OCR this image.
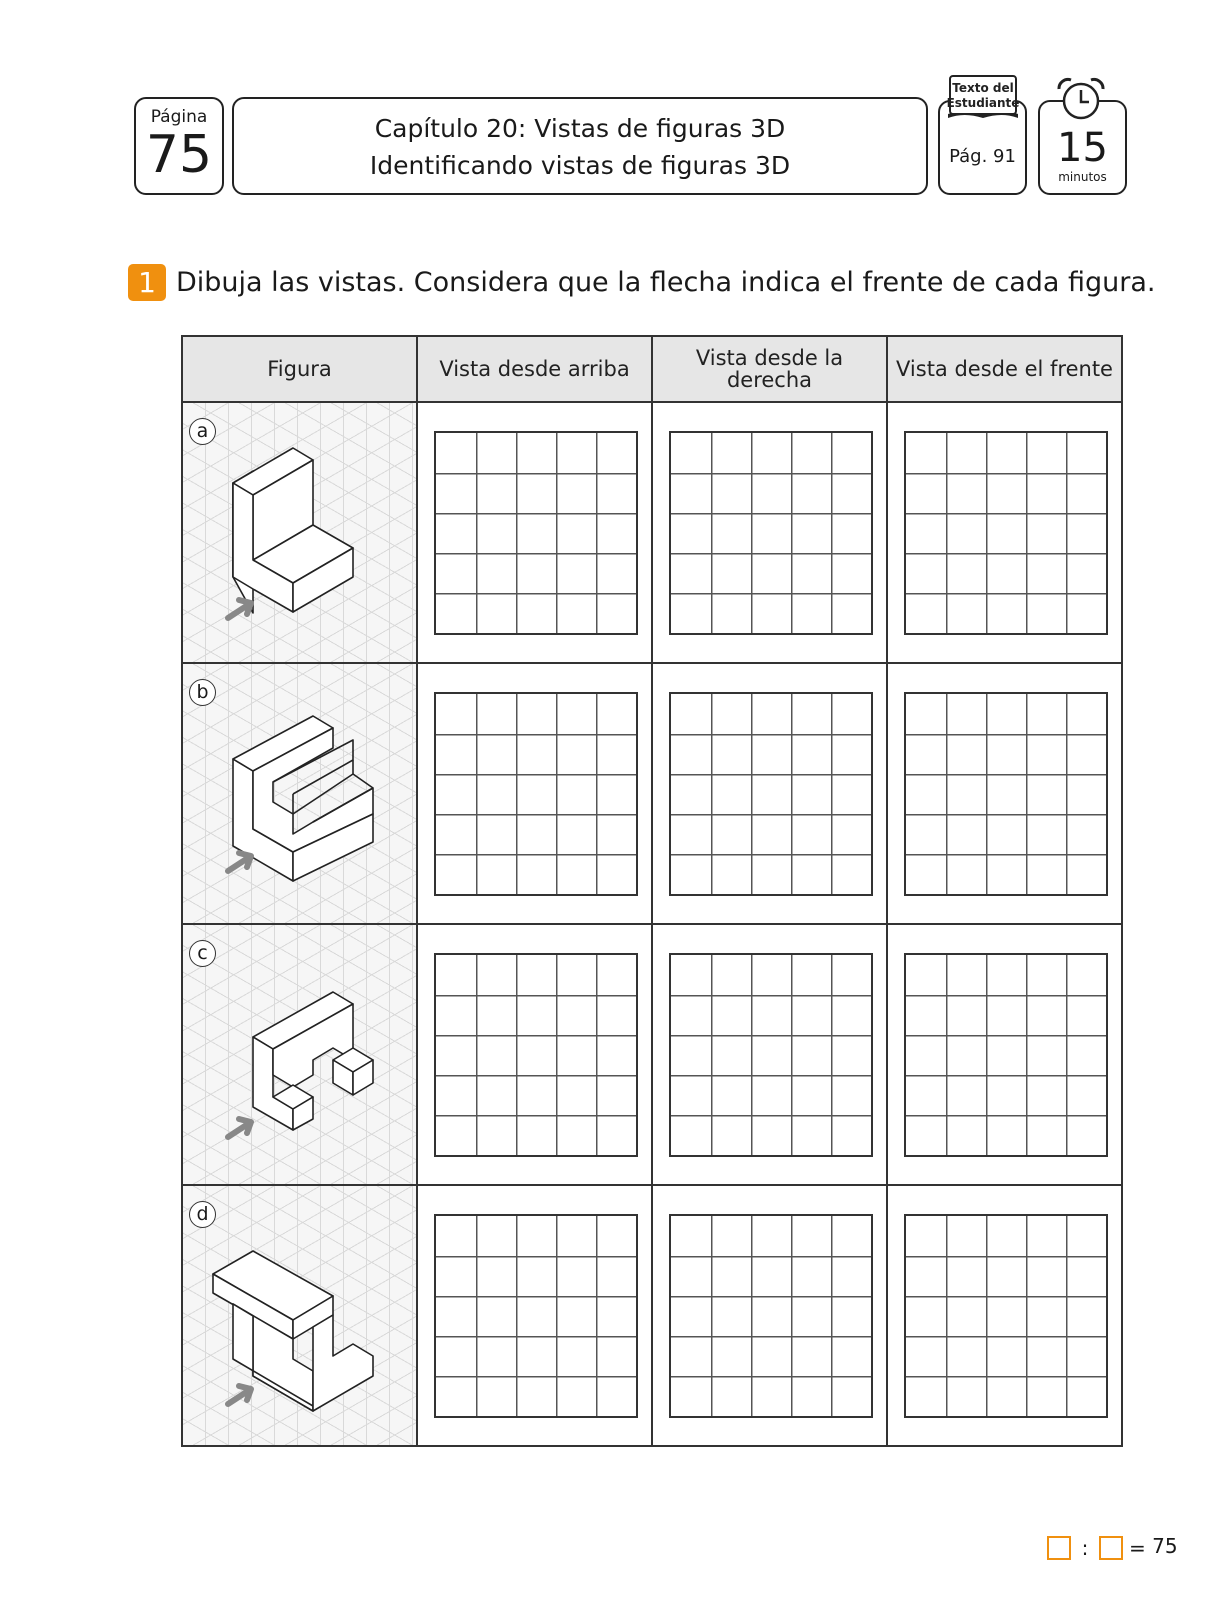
Página
75	Capítulo 20: Vistas de figuras 3D
Identificando vistas de figuras 3D	Pág. 91
Texto del
Estudiante
15
minutos
1 Dibuja las vistas. Considera que la flecha indica el frente de cada figura.
Figura	Vista desde arriba	Vista desde la derecha	Vista desde el frente

a			

b			

c			

d			

: = 75
